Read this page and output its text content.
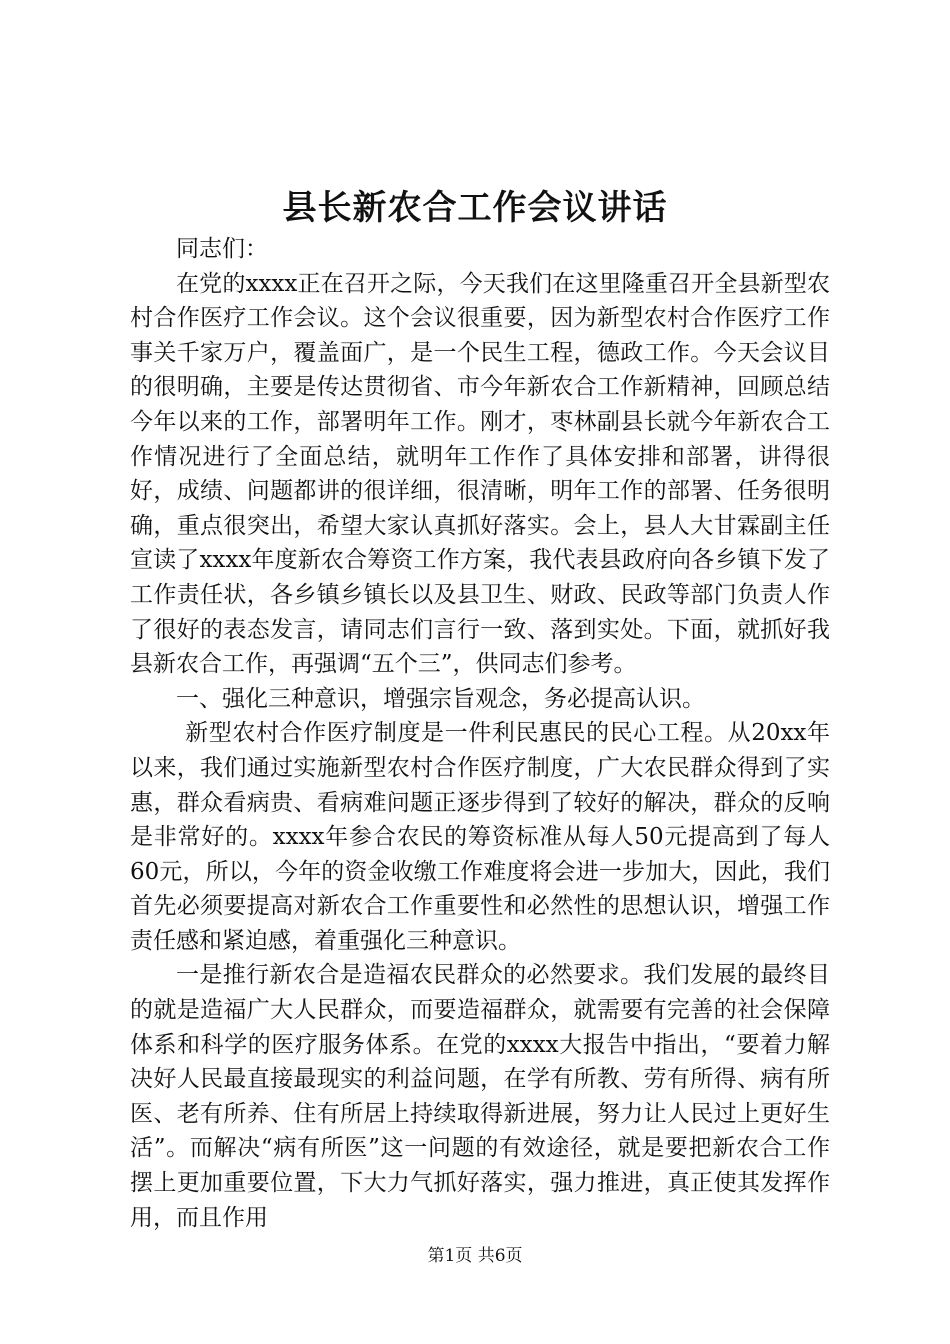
县长新农合工作会议讲话

同志们：

在党的xxxx正在召开之际，今天我们在这里隆重召开全县新型农村合作医疗工作会议。这个会议很重要，因为新型农村合作医疗工作事关千家万户，覆盖面广，是一个民生工程，德政工作。今天会议目的很明确，主要是传达贯彻省、市今年新农合工作新精神，回顾总结今年以来的工作，部署明年工作。刚才，枣林副县长就今年新农合工作情况进行了全面总结，就明年工作作了具体安排和部署，讲得很好，成绩、问题都讲的很详细，很清晰，明年工作的部署、任务很明确，重点很突出，希望大家认真抓好落实。会上，县人大甘霖副主任宣读了xxxx年度新农合筹资工作方案，我代表县政府向各乡镇下发了工作责任状，各乡镇乡镇长以及县卫生、财政、民政等部门负责人作了很好的表态发言，请同志们言行一致、落到实处。下面，就抓好我县新农合工作，再强调“五个三”，供同志们参考。

一、强化三种意识，增强宗旨观念，务必提高认识。

新型农村合作医疗制度是一件利民惠民的民心工程。从20xx年以来，我们通过实施新型农村合作医疗制度，广大农民群众得到了实惠，群众看病贵、看病难问题正逐步得到了较好的解决，群众的反响是非常好的。xxxx年参合农民的筹资标准从每人50元提高到了每人60元，所以，今年的资金收缴工作难度将会进一步加大，因此，我们首先必须要提高对新农合工作重要性和必然性的思想认识，增强工作责任感和紧迫感，着重强化三种意识。

一是推行新农合是造福农民群众的必然要求。我们发展的最终目的就是造福广大人民群众，而要造福群众，就需要有完善的社会保障体系和科学的医疗服务体系。在党的xxxx大报告中指出，“要着力解决好人民最直接最现实的利益问题，在学有所教、劳有所得、病有所医、老有所养、住有所居上持续取得新进展，努力让人民过上更好生活”。而解决“病有所医”这一问题的有效途径，就是要把新农合工作摆上更加重要位置，下大力气抓好落实，强力推进，真正使其发挥作用，而且作用

第1页 共6页
